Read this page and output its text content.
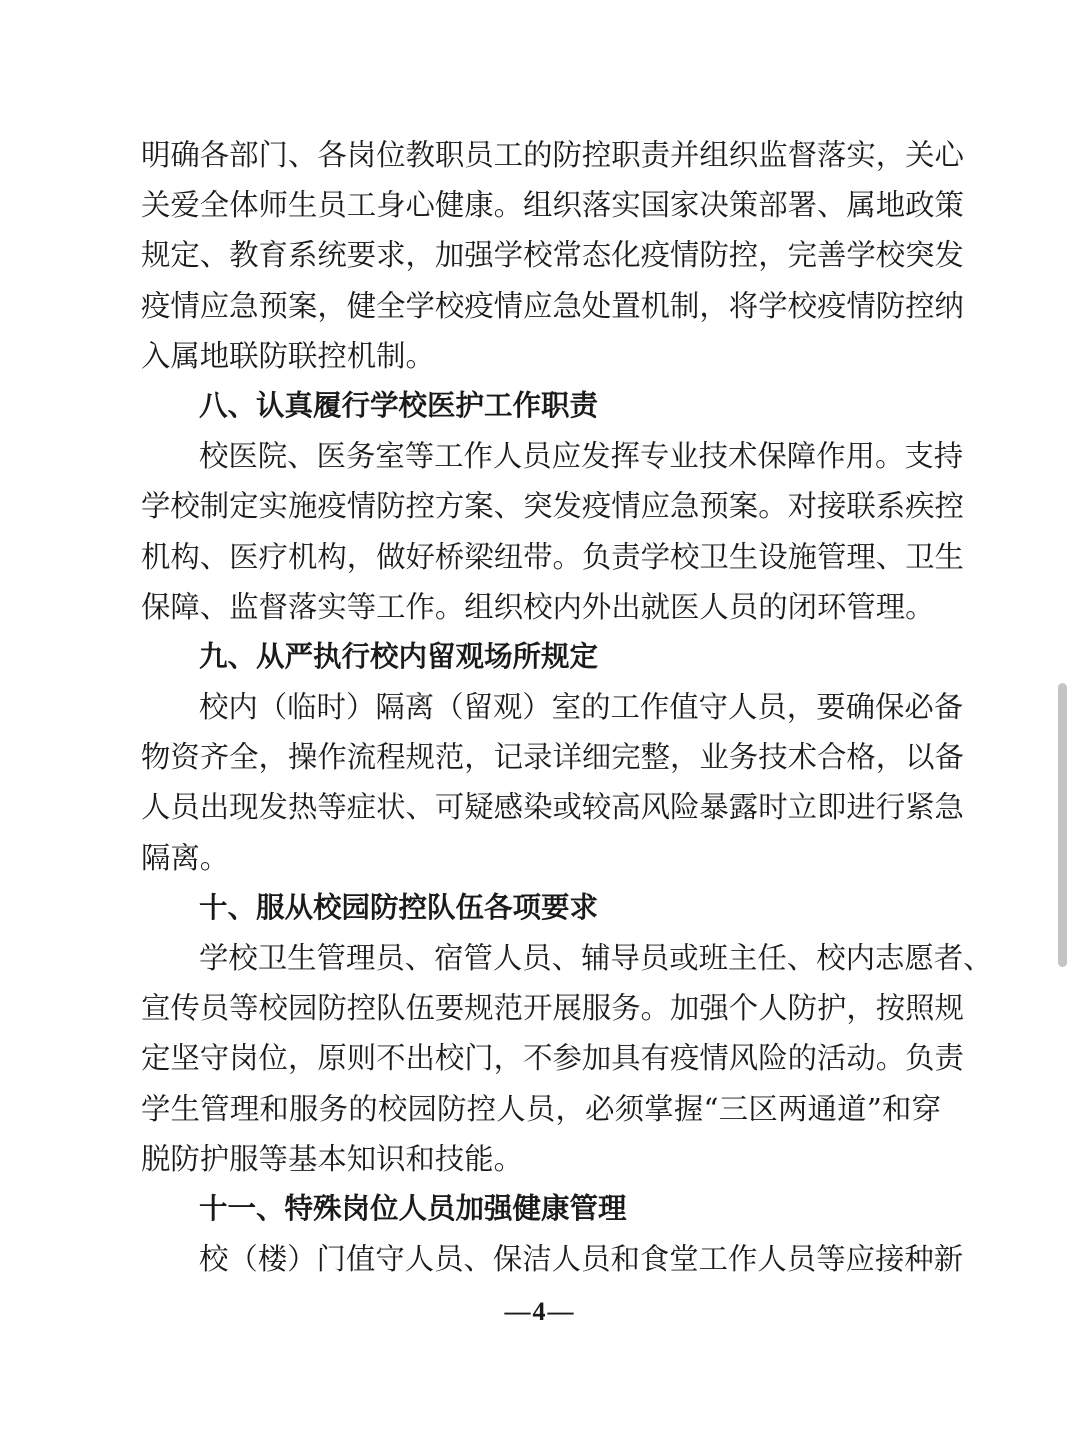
明确各部门、各岗位教职员工的防控职责并组织监督落实，关心
关爱全体师生员工身心健康。组织落实国家决策部署、属地政策
规定、教育系统要求，加强学校常态化疫情防控，完善学校突发
疫情应急预案，健全学校疫情应急处置机制，将学校疫情防控纳
入属地联防联控机制。
八、认真履行学校医护工作职责
校医院、医务室等工作人员应发挥专业技术保障作用。支持
学校制定实施疫情防控方案、突发疫情应急预案。对接联系疾控
机构、医疗机构，做好桥梁纽带。负责学校卫生设施管理、卫生
保障、监督落实等工作。组织校内外出就医人员的闭环管理。
九、从严执行校内留观场所规定
校内（临时）隔离（留观）室的工作值守人员，要确保必备
物资齐全，操作流程规范，记录详细完整，业务技术合格，以备
人员出现发热等症状、可疑感染或较高风险暴露时立即进行紧急
隔离。
十、服从校园防控队伍各项要求
学校卫生管理员、宿管人员、辅导员或班主任、校内志愿者、
宣传员等校园防控队伍要规范开展服务。加强个人防护，按照规
定坚守岗位，原则不出校门，不参加具有疫情风险的活动。负责
学生管理和服务的校园防控人员，必须掌握“三区两通道”和穿
脱防护服等基本知识和技能。
十一、特殊岗位人员加强健康管理
校（楼）门值守人员、保洁人员和食堂工作人员等应接种新
—4—
